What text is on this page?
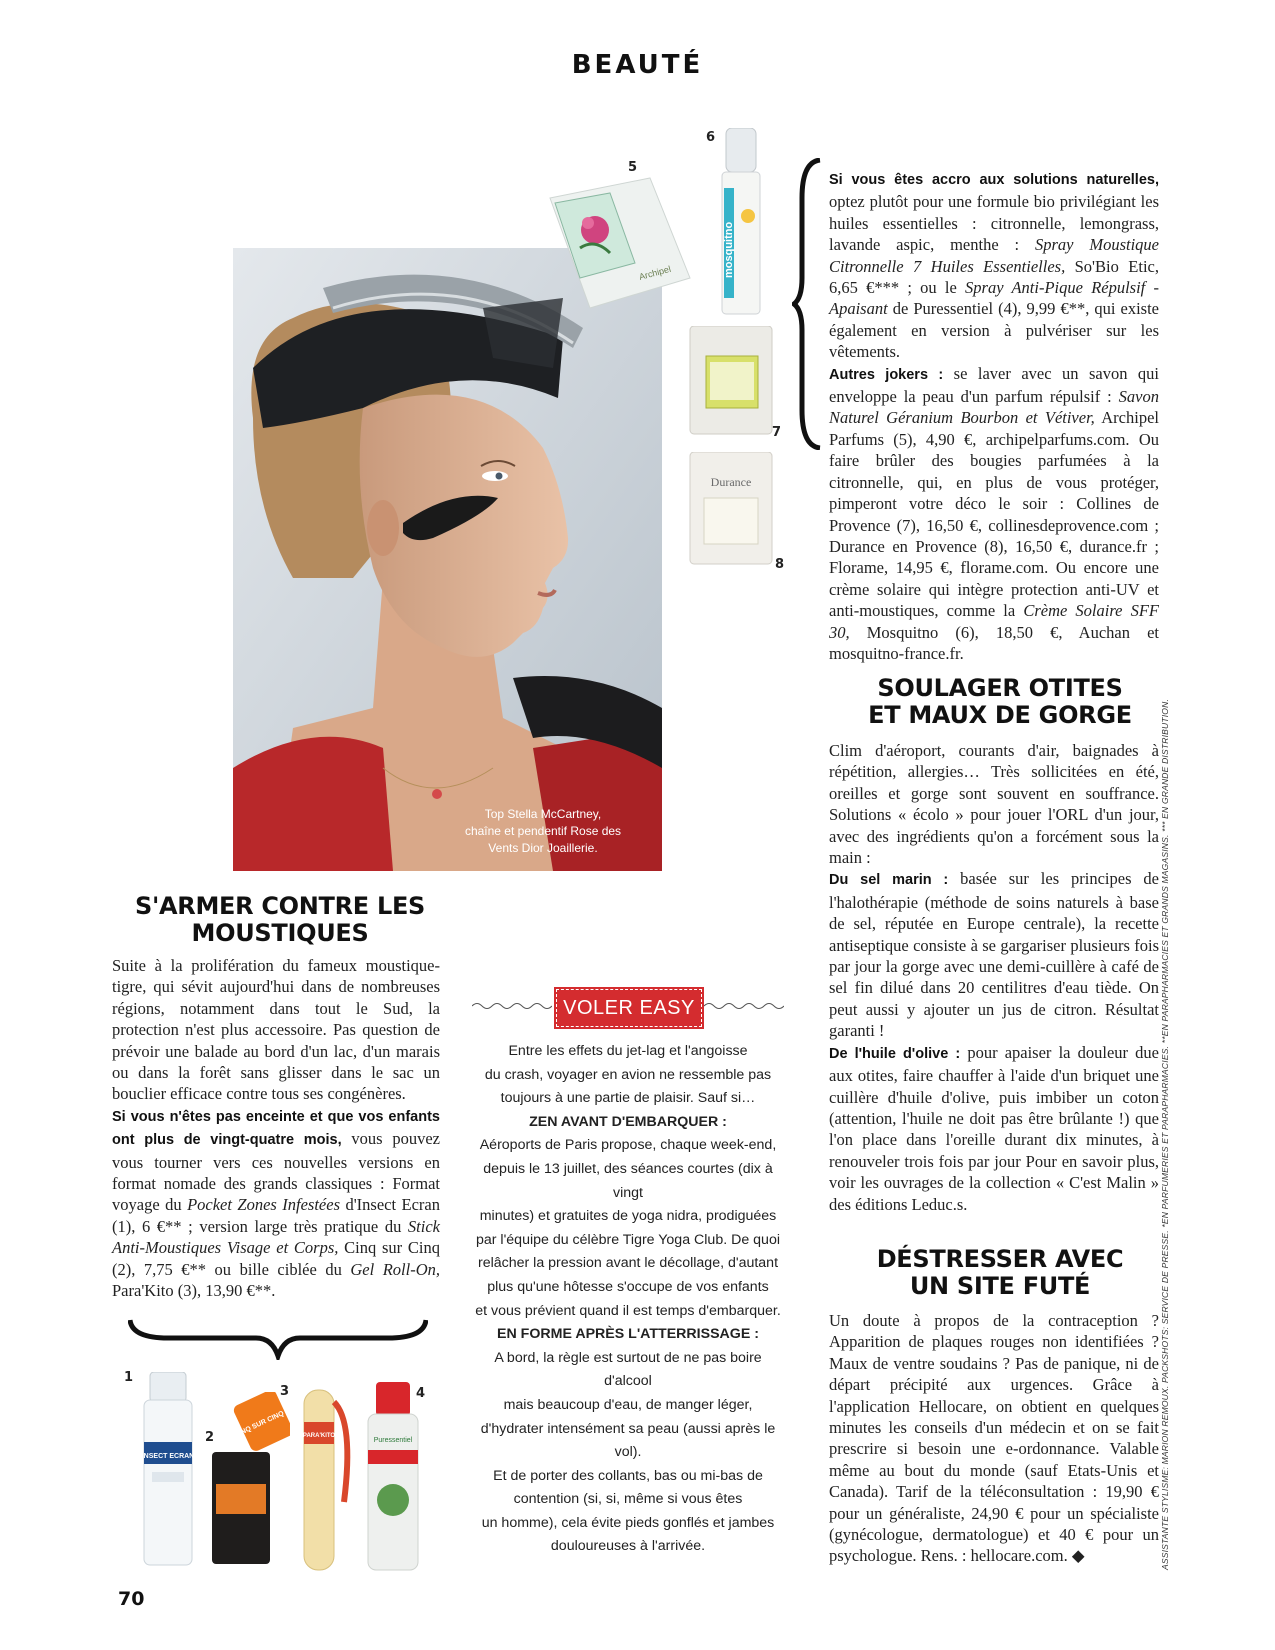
BEAUTÉ
Top Stella McCartney,
chaîne et pendentif Rose des
Vents Dior Joaillerie.
Archipel
5
mosquitno
6
7
Durance
8
S'ARMER CONTRE LES
MOUSTIQUES

Suite à la prolifération du fameux moustique-tigre, qui sévit aujourd'hui dans de nombreuses régions, notamment dans tout le Sud, la protection n'est plus accessoire. Pas question de prévoir une balade au bord d'un lac, d'un marais ou dans la forêt sans glisser dans le sac un bouclier efficace contre tous ses congénères.

Si vous n'êtes pas enceinte et que vos enfants ont plus de vingt-quatre mois, vous pouvez vous tourner vers ces nouvelles versions en format nomade des grands classiques : Format voyage du Pocket Zones Infestées d'Insect Ecran (1), 6 €** ; version large très pratique du Stick Anti-Moustiques Visage et Corps, Cinq sur Cinq (2), 7,75 €** ou bille ciblée du Gel Roll-On, Para'Kito (3), 13,90 €**.

1
INSECT ECRAN
2	CINQ SUR CINQ
3
PARA'KITO
4
Puressentiel
VOLER EASY
Entre les effets du jet-lag et l'angoisse
du crash, voyager en avion ne ressemble pas
toujours à une partie de plaisir. Sauf si…
ZEN AVANT D'EMBARQUER :
Aéroports de Paris propose, chaque week-end,
depuis le 13 juillet, des séances courtes (dix à vingt
minutes) et gratuites de yoga nidra, prodiguées
par l'équipe du célèbre Tigre Yoga Club. De quoi
relâcher la pression avant le décollage, d'autant
plus qu'une hôtesse s'occupe de vos enfants
et vous prévient quand il est temps d'embarquer.
EN FORME APRÈS L'ATTERRISSAGE :
A bord, la règle est surtout de ne pas boire d'alcool
mais beaucoup d'eau, de manger léger,
d'hydrater intensément sa peau (aussi après le vol).
Et de porter des collants, bas ou mi-bas de
contention (si, si, même si vous êtes
un homme), cela évite pieds gonflés et jambes
douloureuses à l'arrivée.

Si vous êtes accro aux solutions naturelles, optez plutôt pour une formule bio privilégiant les huiles essentielles : citronnelle, lemongrass, lavande aspic, menthe : Spray Moustique Citronnelle 7 Huiles Essentielles, So'Bio Etic, 6,65 €*** ; ou le Spray Anti-Pique Répulsif - Apaisant de Puressentiel (4), 9,99 €**, qui existe également en version à pulvériser sur les vêtements.

Autres jokers : se laver avec un savon qui enveloppe la peau d'un parfum répulsif : Savon Naturel Géranium Bourbon et Vétiver, Archipel Parfums (5), 4,90 €, archipelparfums.com. Ou faire brûler des bougies parfumées à la citronnelle, qui, en plus de vous protéger, pimperont votre déco le soir : Collines de Provence (7), 16,50 €, collinesdeprovence.com ; Durance en Provence (8), 16,50 €, durance.fr ; Florame, 14,95 €, florame.com. Ou encore une crème solaire qui intègre protection anti-UV et anti-moustiques, comme la Crème Solaire SFF 30, Mosquitno (6), 18,50 €, Auchan et mosquitno-france.fr.

SOULAGER OTITES
ET MAUX DE GORGE

Clim d'aéroport, courants d'air, baignades à répétition, allergies… Très sollicitées en été, oreilles et gorge sont souvent en souffrance. Solutions « écolo » pour jouer l'ORL d'un jour, avec des ingrédients qu'on a forcément sous la main :

Du sel marin : basée sur les principes de l'halothérapie (méthode de soins naturels à base de sel, réputée en Europe centrale), la recette antiseptique consiste à se gargariser plusieurs fois par jour la gorge avec une demi-cuillère à café de sel fin dilué dans 20 centilitres d'eau tiède. On peut aussi y ajouter un jus de citron. Résultat garanti !

De l'huile d'olive : pour apaiser la douleur due aux otites, faire chauffer à l'aide d'un briquet une cuillère d'huile d'olive, puis imbiber un coton (attention, l'huile ne doit pas être brûlante !) que l'on place dans l'oreille durant dix minutes, à renouveler trois fois par jour Pour en savoir plus, voir les ouvrages de la collection « C'est Malin » des éditions Leduc.s.

DÉSTRESSER AVEC
UN SITE FUTÉ

Un doute à propos de la contraception ? Apparition de plaques rouges non identifiées ? Maux de ventre soudains ? Pas de panique, ni de départ précipité aux urgences. Grâce à l'application Hellocare, on obtient en quelques minutes les conseils d'un médecin et on se fait prescrire si besoin une e-ordonnance. Valable même au bout du monde (sauf Etats-Unis et Canada). Tarif de la téléconsultation : 19,90 € pour un généraliste, 24,90 € pour un spécialiste (gynécologue, dermatologue) et 40 € pour un psychologue. Rens. : hellocare.com. ◆	ASSISTANTE STYLISME: MARION REMOUX. PACKSHOTS: SERVICE DE PRESSE. *EN PARFUMERIES ET PARAPHARMACIES. **EN PARAPHARMACIES ET GRANDS MAGASINS. *** EN GRANDE DISTRIBUTION.
70
